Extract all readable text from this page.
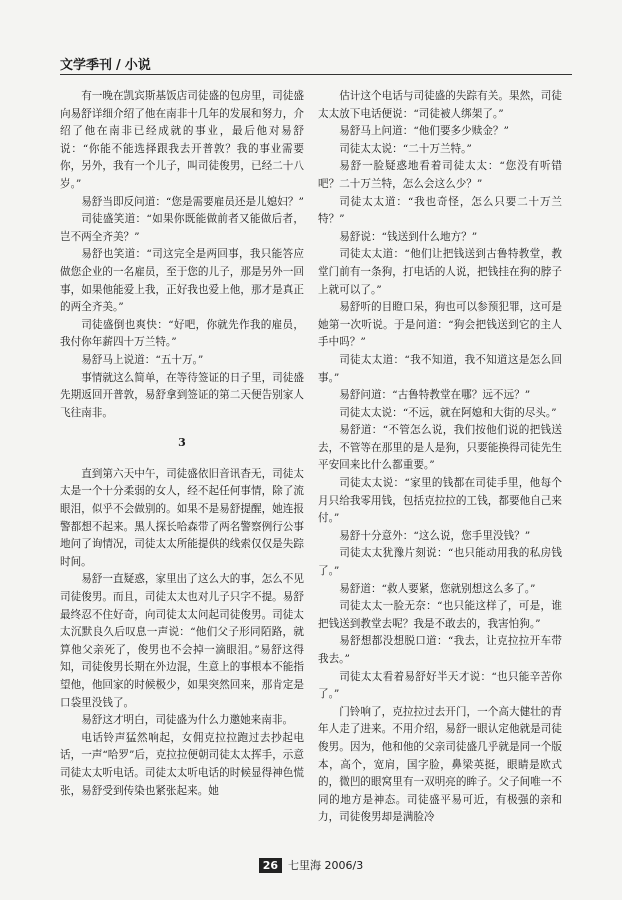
文学季刊 / 小说

有一晚在凯宾斯基饭店司徒盛的包房里，司徒盛向易舒详细介绍了他在南非十几年的发展和努力，介绍了他在南非已经成就的事业，最后他对易舒说：“你能不能选择跟我去开普敦？我的事业需要你，另外，我有一个儿子，叫司徒俊男，已经二十八岁。”

易舒当即反问道：“您是需要雇员还是儿媳妇？”

司徒盛笑道：“如果你既能做前者又能做后者，岂不两全齐美？”

易舒也笑道：“司这完全是两回事，我只能答应做您企业的一名雇员，至于您的儿子，那是另外一回事，如果他能爱上我，正好我也爱上他，那才是真正的两全齐美。”

司徒盛倒也爽快：“好吧，你就先作我的雇员，我付你年薪四十万兰特。”

易舒马上说道：“五十万。”

事情就这么简单，在等待签证的日子里，司徒盛先期返回开普敦，易舒拿到签证的第二天便告别家人飞往南非。

3

直到第六天中午，司徒盛依旧音讯杳无，司徒太太是一个十分柔弱的女人，经不起任何事情，除了流眼泪，似乎不会做别的。如果不是易舒提醒，她连报警都想不起来。黑人探长哈森带了两名警察例行公事地问了询情况，司徒太太所能提供的线索仅仅是失踪时间。

易舒一直疑惑，家里出了这么大的事，怎么不见司徒俊男。而且，司徒太太也对儿子只字不提。易舒最终忍不住好奇，向司徒太太问起司徒俊男。司徒太太沉默良久后叹息一声说：“他们父子形同陌路，就算他父亲死了，俊男也不会掉一滴眼泪。”易舒这得知，司徒俊男长期在外边混，生意上的事根本不能指望他，他回家的时候极少，如果突然回来，那肯定是口袋里没钱了。

易舒这才明白，司徒盛为什么力邀她来南非。

电话铃声猛然响起，女佣克拉拉跑过去抄起电话，一声“哈罗”后，克拉拉便朝司徒太太挥手，示意司徒太太听电话。司徒太太听电话的时候显得神色慌张，易舒受到传染也紧张起来。她

估计这个电话与司徒盛的失踪有关。果然，司徒太太放下电话便说：“司徒被人绑架了。”

易舒马上问道：“他们要多少赎金？”

司徒太太说：“二十万兰特。”

易舒一脸疑惑地看着司徒太太：“您没有听错吧？二十万兰特，怎么会这么少？”

司徒太太道：“我也奇怪，怎么只要二十万兰特？”

易舒说：“钱送到什么地方？”

司徒太太道：“他们让把钱送到古鲁特教堂，教堂门前有一条狗，打电话的人说，把钱挂在狗的脖子上就可以了。”

易舒听的目瞪口呆，狗也可以参预犯罪，这可是她第一次听说。于是问道：“狗会把钱送到它的主人手中吗？”

司徒太太道：“我不知道，我不知道这是怎么回事。”

易舒问道：“古鲁特教堂在哪？远不远？”

司徒太太说：“不远，就在阿媳和大街的尽头。”

易舒道：“不管怎么说，我们按他们说的把钱送去，不管等在那里的是人是狗，只要能换得司徒先生平安回来比什么都重要。”

司徒太太说：“家里的钱都在司徒手里，他每个月只给我零用钱，包括克拉拉的工钱，都要他自己来付。”

易舒十分意外：“这么说，您手里没钱？”

司徒太太犹豫片刻说：“也只能动用我的私房钱了。”

易舒道：“救人要紧，您就别想这么多了。”

司徒太太一脸无奈：“也只能这样了，可是，谁把钱送到教堂去呢？我是不敢去的，我害怕狗。”

易舒想都没想脱口道：“我去，让克拉拉开车带我去。”

司徒太太看着易舒好半天才说：“也只能辛苦你了。”

门铃响了，克拉拉过去开门，一个高大健壮的青年人走了进来。不用介绍，易舒一眼认定他就是司徒俊男。因为，他和他的父亲司徒盛几乎就是同一个版本，高个，宽肩，国字脸，鼻梁英挺，眼睛是欧式的，微凹的眼窝里有一双明亮的眸子。父子间唯一不同的地方是神态。司徒盛平易可近，有极强的亲和力，司徒俊男却是满脸冷

26 七里海 2006/3
